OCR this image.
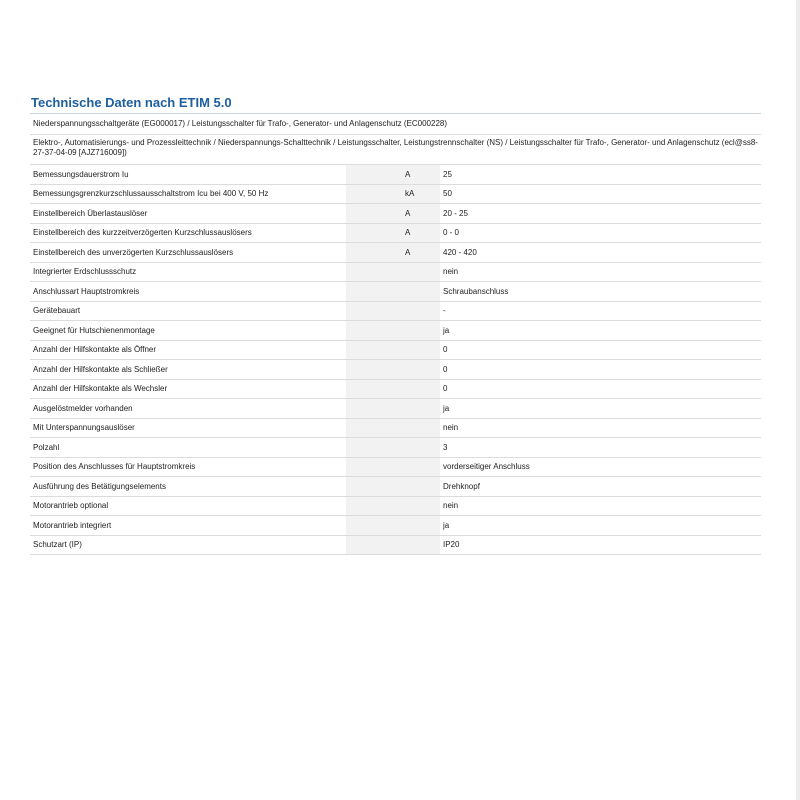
Technische Daten nach ETIM 5.0
Niederspannungsschaltgeräte (EG000017) / Leistungsschalter für Trafo-, Generator- und Anlagenschutz (EC000228)
Elektro-, Automatisierungs- und Prozessleittechnik / Niederspannungs-Schalttechnik / Leistungsschalter, Leistungstrennschalter (NS) / Leistungsschalter für Trafo-, Generator- und Anlagenschutz (ecl@ss8-27-37-04-09 [AJZ716009])
Bemessungsdauerstrom Iu		A	25
Bemessungsgrenzkurzschlussausschaltstrom Icu bei 400 V, 50 Hz		kA	50
Einstellbereich Überlastauslöser		A	20 - 25
Einstellbereich des kurzzeitverzögerten Kurzschlussauslösers		A	0 - 0
Einstellbereich des unverzögerten Kurzschlussauslösers		A	420 - 420
Integrierter Erdschlussschutz			nein
Anschlussart Hauptstromkreis			Schraubanschluss
Gerätebauart			-
Geeignet für Hutschienenmontage			ja
Anzahl der Hilfskontakte als Öffner			0
Anzahl der Hilfskontakte als Schließer			0
Anzahl der Hilfskontakte als Wechsler			0
Ausgelöstmelder vorhanden			ja
Mit Unterspannungsauslöser			nein
Polzahl			3
Position des Anschlusses für Hauptstromkreis			vorderseitiger Anschluss
Ausführung des Betätigungselements			Drehknopf
Motorantrieb optional			nein
Motorantrieb integriert			ja
Schutzart (IP)			IP20
